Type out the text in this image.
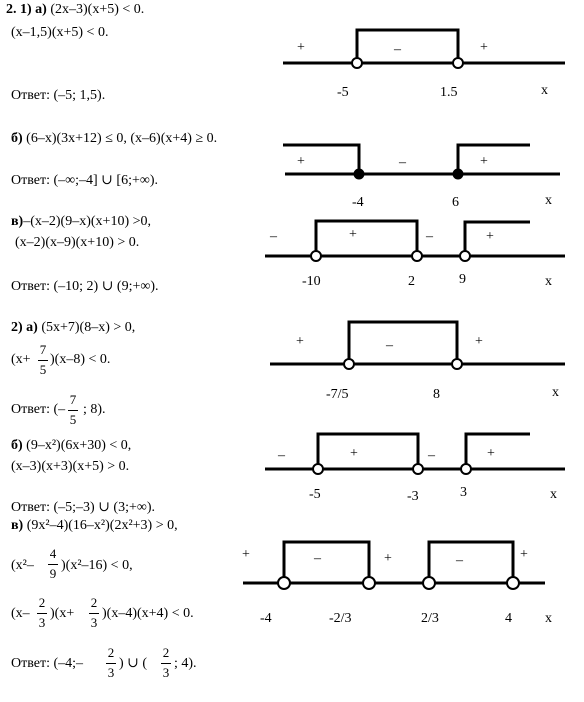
2. 1) а) (2x–3)(x+5) < 0.
(x–1,5)(x+5) < 0.
Ответ: (–5; 1,5).	-5	1.5	x
+	–	+
-4	6	x
+	–	+
-10	2	9	x
–	+	–	+
-7/5	8	x
+	–	+
-5	-3	3	x
–	+	–	+
-4	-2/3	2/3	4 x
+	–	+	–	+
б) (6–x)(3x+12) ≤ 0, (x–6)(x+4) ≥ 0.
Ответ: (–∞;–4] ∪ [6;+∞).
в)–(x–2)(9–x)(x+10) >0,
(x–2)(x–9)(x+10) > 0.
Ответ: (–10; 2) ∪ (9;+∞).
2) а) (5x+7)(8–x) > 0,
(x+
7
5
)(x–8) < 0.
Ответ: (–
7
5
; 8).
б) (9–x²)(6x+30) < 0,
(x–3)(x+3)(x+5) > 0.
Ответ: (–5;–3) ∪ (3;+∞).
в) (9x²–4)(16–x²)(2x²+3) > 0,
(x²–
4
9
)(x²–16) < 0,
(x–
2
3
)(x+
2
3
)(x–4)(x+4) < 0.
Ответ: (–4;–
2
3
) ∪ (
2
3
; 4).
